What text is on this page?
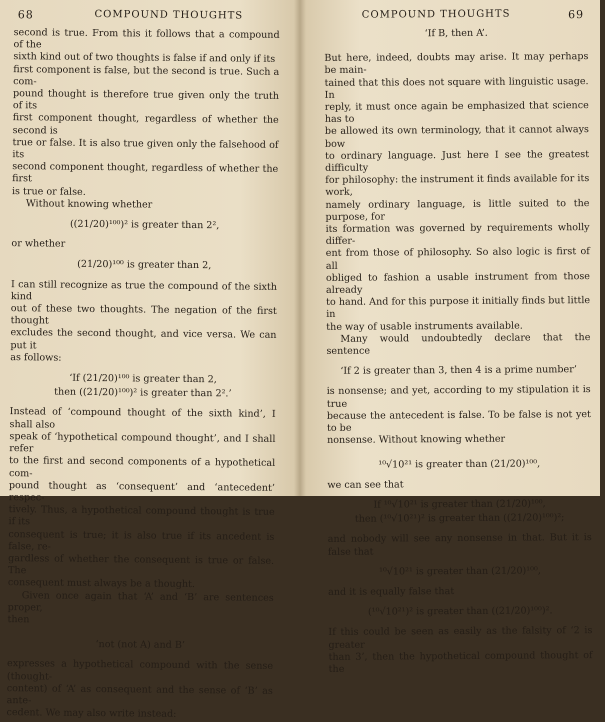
68	COMPOUND THOUGHTS

second is true. From this it follows that a compound of the

sixth kind out of two thoughts is false if and only if its

first component is false, but the second is true. Such a com-

pound thought is therefore true given only the truth of its

first component thought, regardless of whether the second is

true or false. It is also true given only the falsehood of its

second component thought, regardless of whether the first

is true or false.

Without knowing whether

((21/20)¹⁰⁰)² is greater than 2²,

or whether

(21/20)¹⁰⁰ is greater than 2,

I can still recognize as true the compound of the sixth kind

out of these two thoughts. The negation of the first thought

excludes the second thought, and vice versa. We can put it

as follows:

‘If (21/20)¹⁰⁰ is greater than 2,

then ((21/20)¹⁰⁰)² is greater than 2².’

Instead of ‘compound thought of the sixth kind’, I shall also

speak of ‘hypothetical compound thought’, and I shall refer

to the first and second components of a hypothetical com-

pound thought as ‘consequent’ and ‘antecedent’ respec-

tively. Thus, a hypothetical compound thought is true if its

consequent is true; it is also true if its ancedent is false, re-

gardless of whether the consequent is true or false. The

consequent must always be a thought.

Given once again that ‘A’ and ‘B’ are sentences proper,

then

‘not (not A) and B’

expresses a hypothetical compound with the sense (thought-

content) of ‘A’ as consequent and the sense of ‘B’ as ante-

cedent. We may also write instead:

COMPOUND THOUGHTS	69

‘If B, then A’.

But here, indeed, doubts may arise. It may perhaps be main-

tained that this does not square with linguistic usage. In

reply, it must once again be emphasized that science has to

be allowed its own terminology, that it cannot always bow

to ordinary language. Just here I see the greatest difficulty

for philosophy: the instrument it finds available for its work,

namely ordinary language, is little suited to the purpose, for

its formation was governed by requirements wholly differ-

ent from those of philosophy. So also logic is first of all

obliged to fashion a usable instrument from those already

to hand. And for this purpose it initially finds but little in

the way of usable instruments available.

Many would undoubtedly declare that the sentence

‘If 2 is greater than 3, then 4 is a prime number’

is nonsense; and yet, according to my stipulation it is true

because the antecedent is false. To be false is not yet to be

nonsense. Without knowing whether

¹⁰√10²¹ is greater than (21/20)¹⁰⁰,

we can see that

If ¹⁰√10²¹ is greater than (21/20)¹⁰⁰,

then (¹⁰√10²¹)² is greater than ((21/20)¹⁰⁰)²;

and nobody will see any nonsense in that. But it is false that

¹⁰√10²¹ is greater than (21/20)¹⁰⁰,

and it is equally false that

(¹⁰√10²¹)² is greater than ((21/20)¹⁰⁰)².

If this could be seen as easily as the falsity of ‘2 is greater

than 3’, then the hypothetical compound thought of the
